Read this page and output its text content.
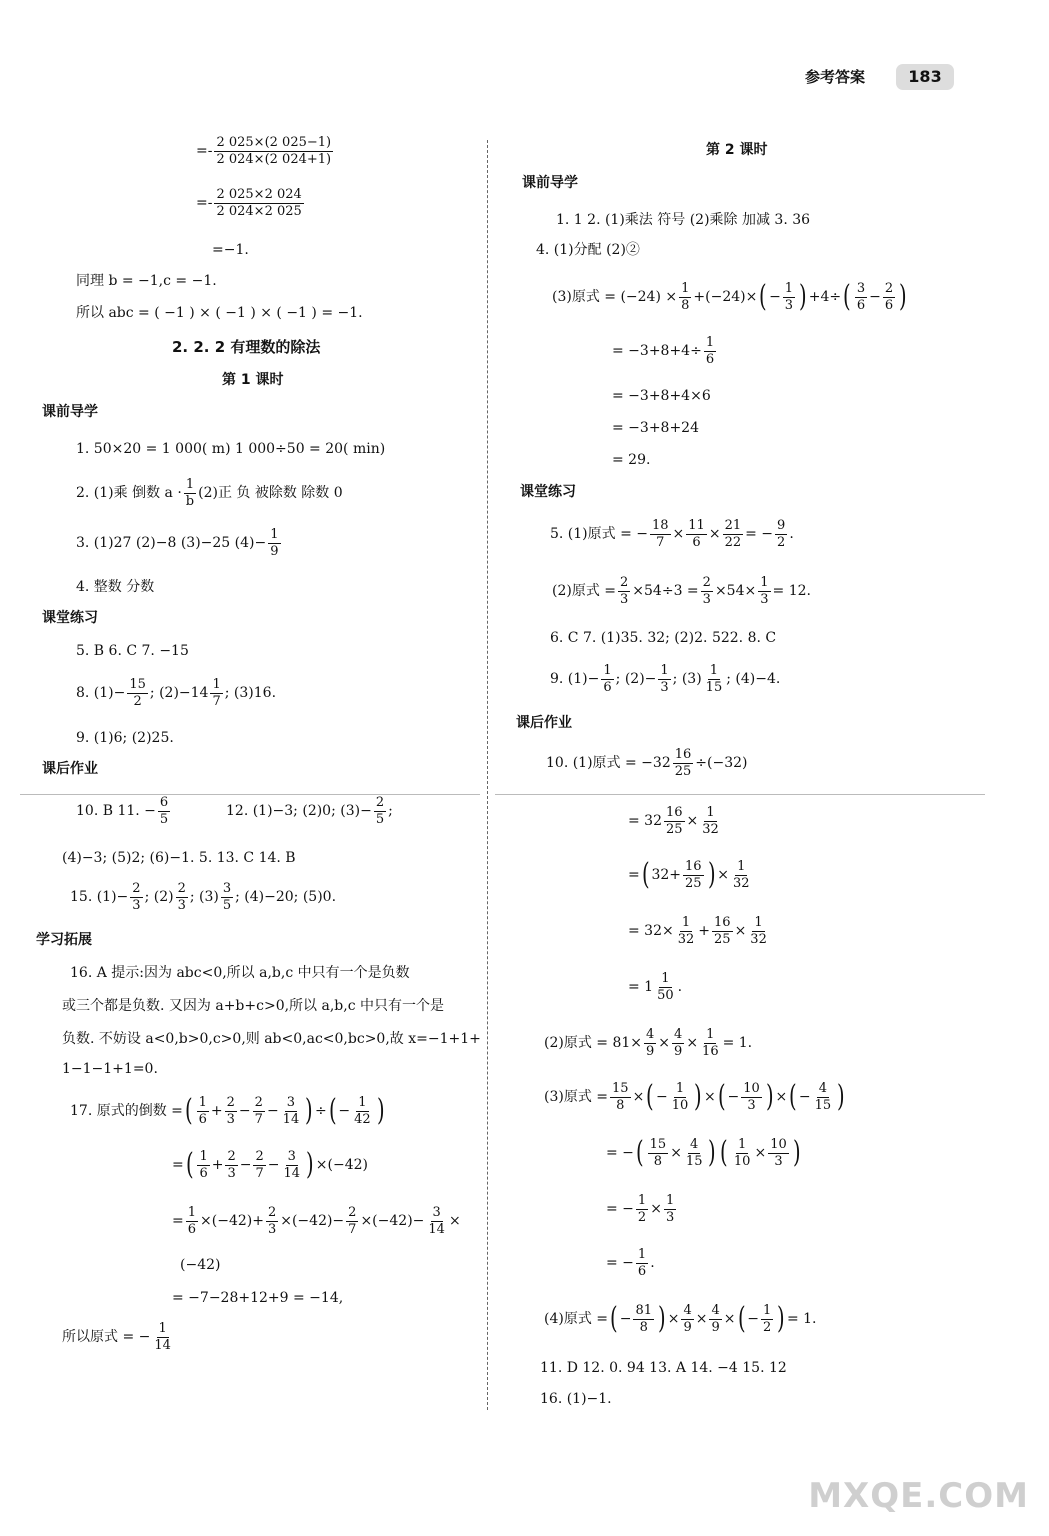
参考答案	183
=- $\frac{2 025\times(2 025-1)}{2 024\times(2 024+1)}$
=- $\frac{2 025\times 2 024}{2 024\times 2 025}$
=−1.
同理 b = −1,c = −1.
所以 abc = ( −1 ) × ( −1 ) × ( −1 ) = −1.
2. 2. 2 有理数的除法
第 1 课时
课前导学
1. 50×20 = 1 000( m) 1 000÷50 = 20( min)
2. (1)乘 倒数 $a \cdot \frac{1}{b} (2)$正 负 被除数 除数 0
3. (1)27 (2)−8 (3)−25 $(4)- \frac{1}{9}$
4. 整数 分数
课堂练习
5. B 6. C 7. −15
8. $(1)- \frac{15}{2}$ ; $(2)-14 \frac{1}{7}$ ; (3)16.
9. (1)6; (2)25.
课后作业
10. B 11. − $\frac{6}{5}$	12. (1)−3; (2)0; $(3)- \frac{2}{5}$ ;
(4)−3; (5)2; (6)−1. 5. 13. C 14. B
15. $(1)- \frac{2}{3}$ ; $(2) \frac{2}{3}$ ; $(3) \frac{3}{5}$ ; (4)−20; (5)0.
学习拓展
16. A 提示:因为 abc<0,所以 a,b,c 中只有一个是负数
或三个都是负数. 又因为 a+b+c>0,所以 a,b,c 中只有一个是
负数. 不妨设 a<0,b>0,c>0,则 ab<0,ac<0,bc>0,故 x=−1+1+
1−1−1+1=0.
17. 原式的倒数 =( $\frac{1}{6} + \frac{2}{3} - \frac{2}{7} - \frac{3}{14}$ ) ÷( − $\frac{1}{42}$ )
=( $\frac{1}{6} + \frac{2}{3} - \frac{2}{7} - \frac{3}{14}$ ) ×(−42)
= $\frac{1}{6} \times(-42)+ \frac{2}{3} \times(-42)- \frac{2}{7} \times(-42)- \frac{3}{14}$ ×
(−42)
= −7−28+12+9 = −14,
所以原式 = − $\frac{1}{14}$
第 2 课时
课前导学
1. 1 2. (1)乘法 符号 (2)乘除 加减 3. 36
4. (1)分配 (2)②
(3)原式 = $(-24) \times \frac{1}{8} +(-24)\times( - \frac{1}{3}$ ) $+4\div( \frac{3}{6} - \frac{2}{6}$ )
= $-3+8+4\div \frac{1}{6}$
= −3+8+4×6
= −3+8+24
= 29.
课堂练习
5. (1)原式 = − $\frac{18}{7} \times \frac{11}{6} \times \frac{21}{22}$ = − $\frac{9}{2}$ .
(2)原式 = $\frac{2}{3} \times 54\div 3 = \frac{2}{3} \times 54\times \frac{1}{3} = 12$.
6. C 7. (1)35. 32; (2)2. 522. 8. C
9. $(1)- \frac{1}{6}$ ; $(2)- \frac{1}{3}$ ; $(3) \frac{1}{15}$ ; (4)−4.
课后作业
10. (1)原式 = $-32 \frac{16}{25} \div(-32)$
= $32 \frac{16}{25} \times \frac{1}{32}$
=( $32+ \frac{16}{25}$ ) × $\frac{1}{32}$
= $32\times \frac{1}{32} + \frac{16}{25} \times \frac{1}{32}$
= $1 \frac{1}{50}$ .
(2)原式 = $81\times \frac{4}{9} \times \frac{4}{9} \times \frac{1}{16} = 1$.
(3)原式 = $\frac{15}{8}$ ×( − $\frac{1}{10}$ ) ×( − $\frac{10}{3}$ ) ×( − $\frac{4}{15}$ )
= −( $\frac{15}{8} \times \frac{4}{15}$ ) ( $\frac{1}{10} \times \frac{10}{3}$ )
= − $\frac{1}{2} \times \frac{1}{3}$
= − $\frac{1}{6}$ .
(4)原式 =( − $\frac{81}{8}$ ) × $\frac{4}{9} \times \frac{4}{9}$ ×( − $\frac{1}{2}$ ) = 1.
11. D 12. 0. 94 13. A 14. −4 15. 12
16. (1)−1.
MXQE.COM
